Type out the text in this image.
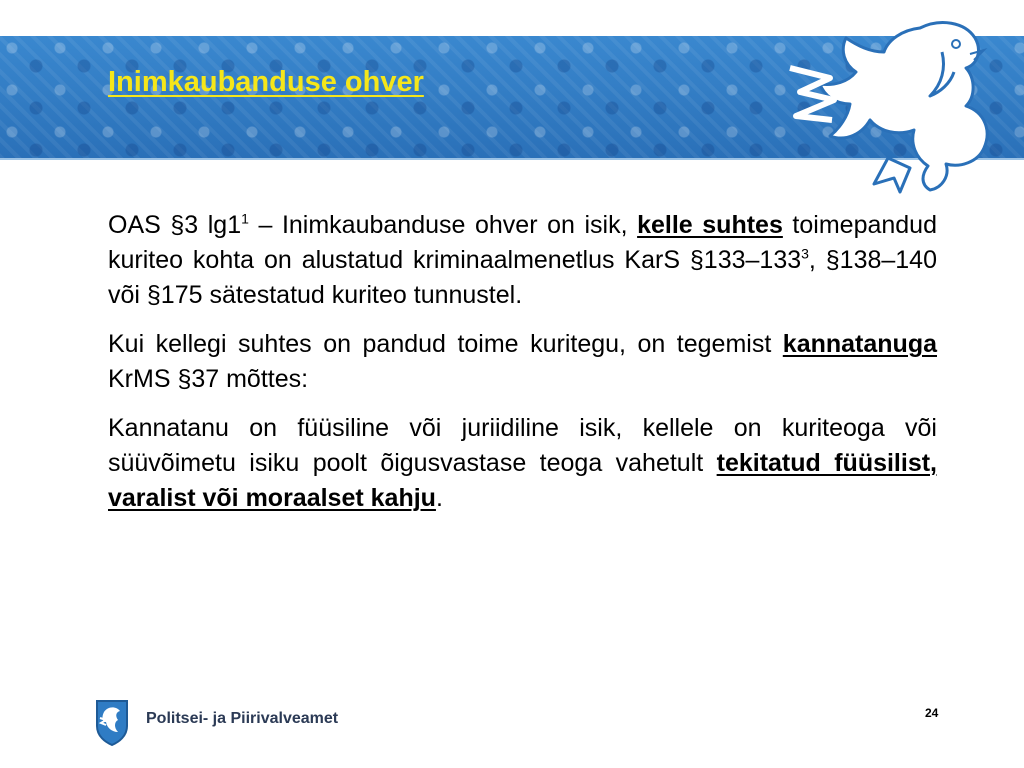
Inimkaubanduse ohver

OAS §3 $\lg 1^1$ – Inimkaubanduse ohver on isik, kelle suhtes toimepandud kuriteo kohta on alustatud kriminaalmenetlus KarS $\S 133-133^3$, §138–140 või §175 sätestatud kuriteo tunnustel.

Kui kellegi suhtes on pandud toime kuritegu, on tegemist kannatanuga KrMS §37 mõttes:

Kannatanu on füüsiline või juriidiline isik, kellele on kuriteoga või süüvõimetu isiku poolt õigusvastase teoga vahetult tekitatud füüsilist, varalist või moraalset kahju.

Politsei- ja Piirivalveamet	24
